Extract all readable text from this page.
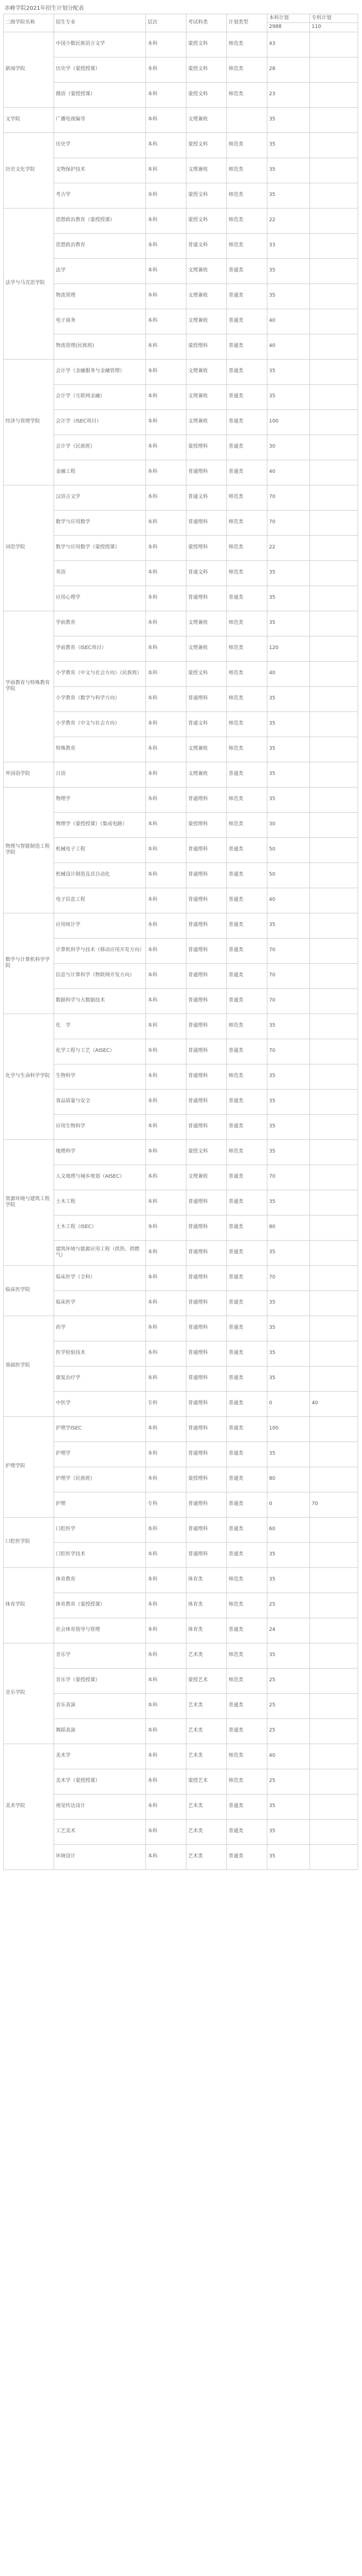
赤峰学院2021年招生计划分配表
二级学院名称	招生专业	层次	考试科类	计划类型	本科计划	专科计划
					2988	110
新闻学院	中国少数民族语言文学	本科	蒙授文科	师范类	43	
	历史学（蒙授授课）	本科	蒙授文科	师范类	28	
	俄语（蒙授授课）	本科	蒙授文科	师范类	23	
文学院	广播电视编导	本科	文理兼收		35	
历史文化学院	历史学	本科	蒙授文科	师范类	35	
	文物保护技术	本科	文理兼收	师范类	35	
	考古学	本科	蒙授文科	师范类	35	
法学与马克思学院	思想政治教育（蒙授授课）	本科	蒙授文科	师范类	22	
	思想政治教育	本科	普通文科	师范类	33	
	法学	本科	文理兼收	普通类	35	
	物流管理	本科	文理兼收	普通类	35	
	电子商务	本科	文理兼收	普通类	40	
	物流管理(民族班)	本科	蒙授理科	普通类	40	
经济与管理学院	会计学（金融服务与金融管理）	本科	文理兼收	普通类	35	
	会计学（互联网金融）	本科	文理兼收	普通类	35	
	会计学（ISEC项目）	本科	文理兼收	普通类	100	
	会计学（民族班）	本科	蒙授理科	普通类	30	
	金融工程	本科	普通理科	普通类	40	
词范学院	汉语言文学	本科	普通文科	师范类	70	
	数学与应用数学	本科	普通理科	师范类	70	
	数学与应用数学（蒙授授课）	本科	蒙授理科	师范类	22	
	英语	本科	普通文科	师范类	35	
	应用心理学	本科	普通理科	普通类	35	
学前教育与特殊教育学院	学前教育	本科	文理兼收	师范类	35	
	学前教育（ISEC项目）	本科	文理兼收	师范类	120	
	小学教育（中文与社会方向）（民族班）	本科	蒙授文科	师范类	40	
	小学教育（数学与科学方向）	本科	普通理科	师范类	35	
	小学教育（中文与社会方向）	本科	普通文科	师范类	35	
	特殊教育	本科	文理兼收	师范类	35	
外国语学院	日语	本科	文理兼收	普通类	35	
物理与智能制造工程学院	物理学	本科	普通理科	师范类	35	
	物理学（蒙授授课）（集成电路）	本科	蒙授理科	师范类	30	
	机械电子工程	本科	普通理科	普通类	50	
	机械设计制造及其自动化	本科	普通理科	普通类	50	
	电子信息工程	本科	普通理科	普通类	40	
数学与计算机科学学院	应用统计学	本科	普通理科	普通类	35	
	计算机科学与技术（移动应用开发方向）	本科	普通理科	普通类	70	
	信息与计算科学（物联网开发方向）	本科	普通理科	普通类	70	
	数据科学与大数据技术	本科	普通理科	普通类	70	
化学与生命科学学院	化　学	本科	普通理科	师范类	35	
	化学工程与工艺（AISEC）	本科	普通理科	普通类	70	
	生物科学	本科	普通理科	师范类	35	
	食品质量与安全	本科	普通理科	普通类	35	
	应用生物科学	本科	普通理科	普通类	35	
资源环境与建筑工程学院	地理科学	本科	蒙授文科	师范类	35	
	人文地理与城乡规划（AISEC）	本科	文理兼收	普通类	70	
	土木工程	本科	普通理科	普通类	35	
	土木工程（ISEC）	本科	普通理科	普通类	80	
	建筑环境与能源应用工程（供热、供燃气）	本科	普通理科	普通类	35	
临床医学院	临床医学（全科）	本科	普通理科	普通类	70	
	临床医学	本科	普通理科	普通类	35	
基础医学院	药学	本科	普通理科	普通类	35	
	医学检验技术	本科	普通理科	普通类	35	
	康复治疗学	本科	普通理科	普通类	35	
	中医学	专科	普通理科	普通类	0	40
护理学院	护理学ISEC	本科	普通理科	普通类	100	
	护理学	本科	普通理科	普通类	35	
	护理学（民族班）	本科	蒙授理科	普通类	80	
	护理	专科	普通理科	普通类	0	70
口腔医学院	口腔医学	本科	普通理科	普通类	60	
	口腔医学技术	本科	普通理科	普通类	35	
体育学院	体育教育	本科	体育类	师范类	35	
	体育教育（蒙授授课）	本科	体育类	师范类	25	
	社会体育指导与管理	本科	体育类	普通类	24	
音乐学院	音乐学	本科	艺术类	师范类	35	
	音乐学（蒙授授课）	本科	蒙授艺术	师范类	25	
	音乐表演	本科	艺术类	普通类	25	
	舞蹈表演	本科	艺术类	普通类	25	
美术学院	美术学	本科	艺术类	师范类	40	
	美术学（蒙授授课）	本科	蒙授艺术	师范类	25	
	视觉传达设计	本科	艺术类	普通类	35	
	工艺美术	本科	艺术类	普通类	35	
	环境设计	本科	艺术类	普通类	35	
